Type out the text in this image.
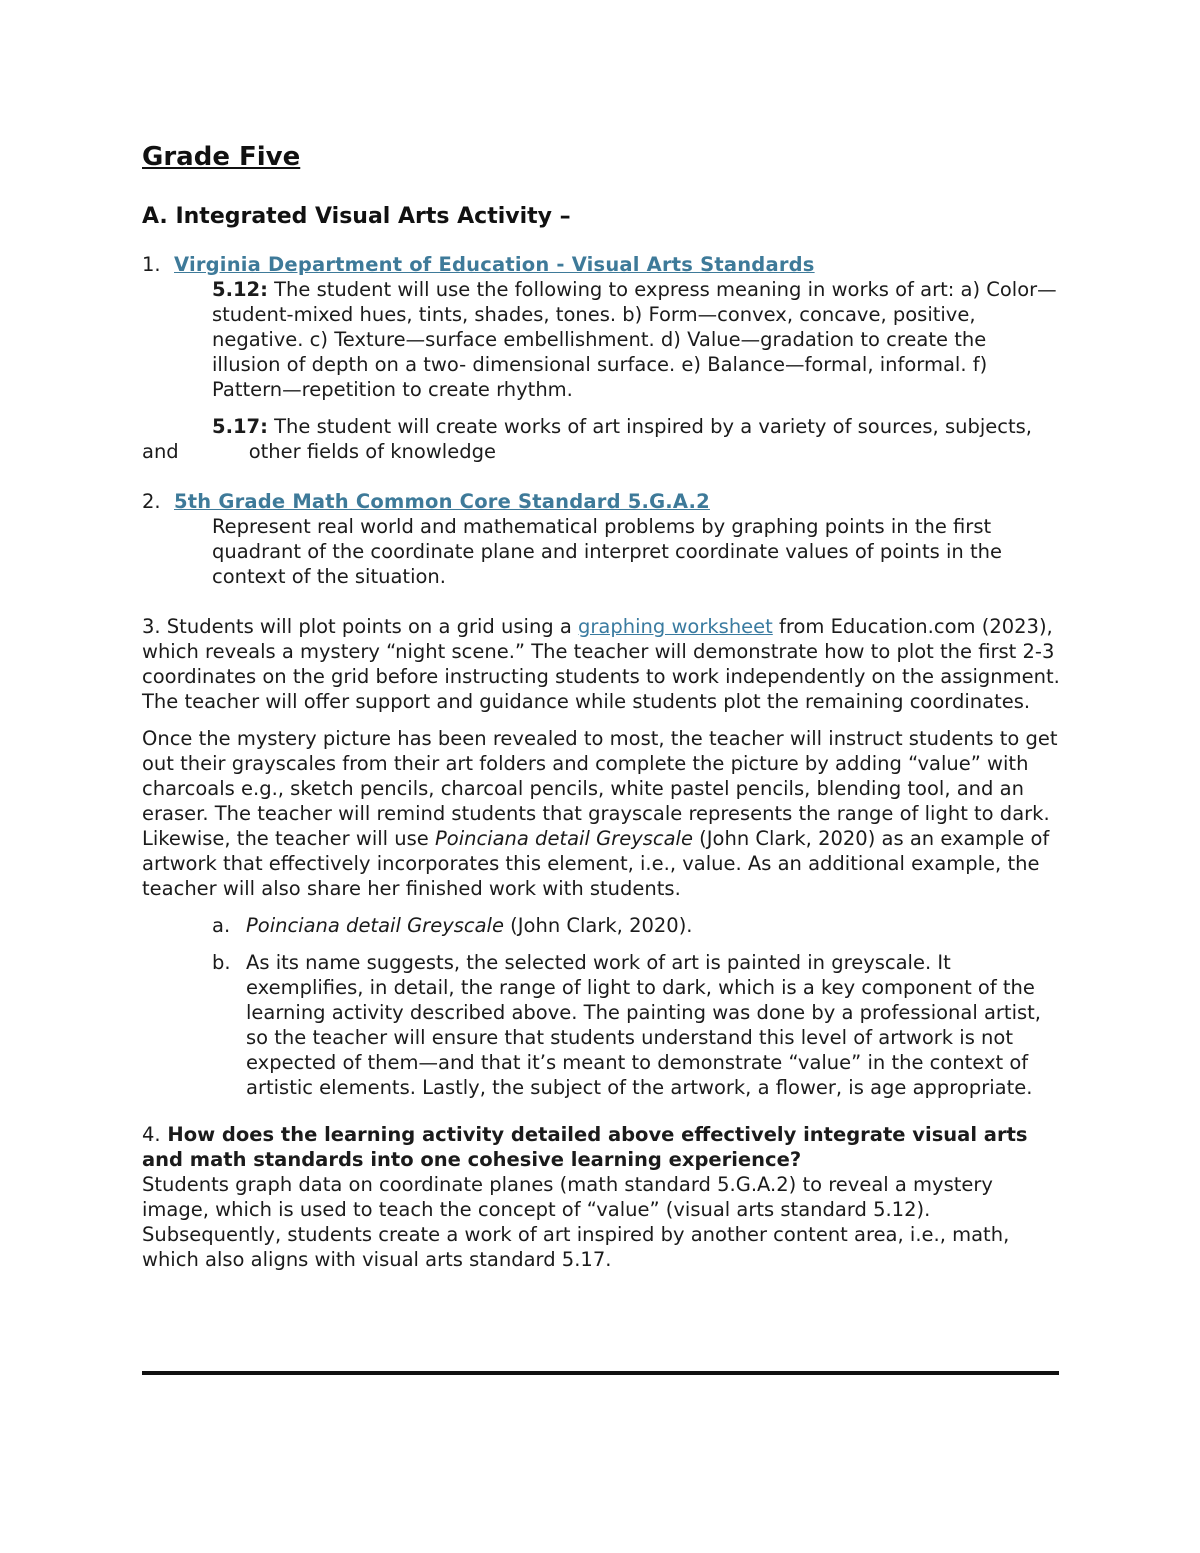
Grade Five
A. Integrated Visual Arts Activity –
1. Virginia Department of Education - Visual Arts Standards

5.12: The student will use the following to express meaning in works of art: a) Color—student-mixed hues, tints, shades, tones. b) Form—convex, concave, positive, negative. c) Texture—surface embellishment. d) Value—gradation to create the illusion of depth on a two- dimensional surface. e) Balance—formal, informal. f) Pattern—repetition to create rhythm.

5.17: The student will create works of art inspired by a variety of sources, subjects, and	other fields of knowledge

2. 5th Grade Math Common Core Standard 5.G.A.2

Represent real world and mathematical problems by graphing points in the first quadrant of the coordinate plane and interpret coordinate values of points in the context of the situation.

3. Students will plot points on a grid using a graphing worksheet from Education.com (2023), which reveals a mystery “night scene.” The teacher will demonstrate how to plot the first 2-3 coordinates on the grid before instructing students to work independently on the assignment. The teacher will offer support and guidance while students plot the remaining coordinates.

Once the mystery picture has been revealed to most, the teacher will instruct students to get out their grayscales from their art folders and complete the picture by adding “value” with charcoals e.g., sketch pencils, charcoal pencils, white pastel pencils, blending tool, and an eraser. The teacher will remind students that grayscale represents the range of light to dark. Likewise, the teacher will use Poinciana detail Greyscale (John Clark, 2020) as an example of artwork that effectively incorporates this element, i.e., value. As an additional example, the teacher will also share her finished work with students.

a. Poinciana detail Greyscale (John Clark, 2020).
b. As its name suggests, the selected work of art is painted in greyscale. It exemplifies, in detail, the range of light to dark, which is a key component of the learning activity described above. The painting was done by a professional artist, so the teacher will ensure that students understand this level of artwork is not expected of them—and that it’s meant to demonstrate “value” in the context of artistic elements. Lastly, the subject of the artwork, a flower, is age appropriate.

4. How does the learning activity detailed above effectively integrate visual arts and math standards into one cohesive learning experience?

Students graph data on coordinate planes (math standard 5.G.A.2) to reveal a mystery image, which is used to teach the concept of “value” (visual arts standard 5.12). Subsequently, students create a work of art inspired by another content area, i.e., math, which also aligns with visual arts standard 5.17.
